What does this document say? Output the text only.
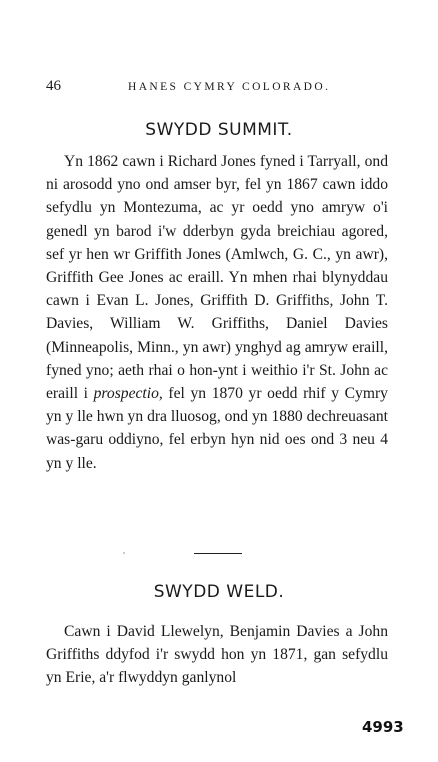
46	HANES CYMRY COLORADO.
SWYDD SUMMIT.

Yn 1862 cawn i Richard Jones fyned i Tarryall, ond ni arosodd yno ond amser byr, fel yn 1867 cawn iddo sefydlu yn Montezuma, ac yr oedd yno amryw o'i genedl yn barod i'w dderbyn gyda breichiau agored, sef yr hen wr Griffith Jones (Amlwch, G. C., yn awr), Griffith Gee Jones ac eraill. Yn mhen rhai blynyddau cawn i Evan L. Jones, Griffith D. Griffiths, John T. Davies, William W. Griffiths, Daniel Davies (Minneapolis, Minn., yn awr) ynghyd ag amryw eraill, fyned yno; aeth rhai o hon-ynt i weithio i'r St. John ac eraill i prospectio, fel yn 1870 yr oedd rhif y Cymry yn y lle hwn yn dra lluosog, ond yn 1880 dechreuasant was-garu oddiyno, fel erbyn hyn nid oes ond 3 neu 4 yn y lle.

SWYDD WELD.

Cawn i David Llewelyn, Benjamin Davies a John Griffiths ddyfod i'r swydd hon yn 1871, gan sefydlu yn Erie, a'r flwyddyn ganlynol

4993
